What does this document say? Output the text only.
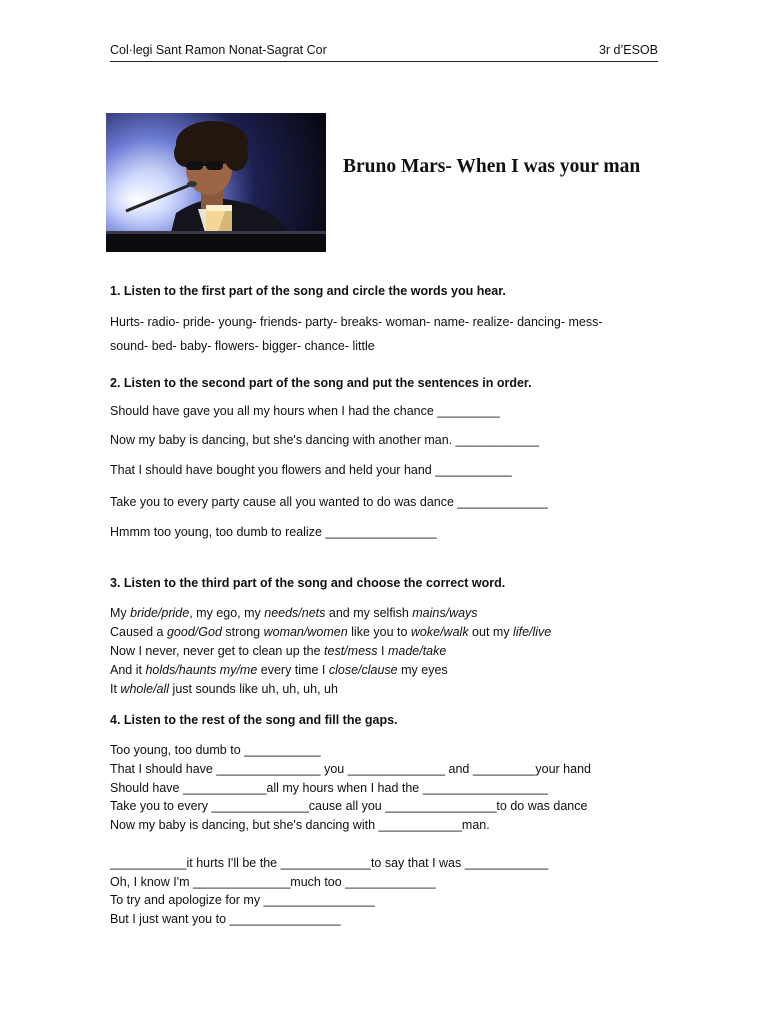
Col·legi Sant Ramon Nonat-Sagrat Cor	3r d’ESOB
Bruno Mars- When I was your man
1. Listen to the first part of the song and circle the words you hear.
Hurts- radio- pride- young- friends- party- breaks- woman- name- realize- dancing- mess-
sound- bed- baby- flowers- bigger- chance- little
2. Listen to the second part of the song and put the sentences in order.
Should have gave you all my hours when I had the chance _________
Now my baby is dancing, but she's dancing with another man. ____________
That I should have bought you flowers and held your hand ___________
Take you to every party cause all you wanted to do was dance _____________
Hmmm too young, too dumb to realize ________________
3. Listen to the third part of the song and choose the correct word.
My bride/pride, my ego, my needs/nets and my selfish mains/ways
Caused a good/God strong woman/women like you to woke/walk out my life/live
Now I never, never get to clean up the test/mess I made/take
And it holds/haunts my/me every time I close/clause my eyes
It whole/all just sounds like uh, uh, uh, uh
4. Listen to the rest of the song and fill the gaps.
Too young, too dumb to ___________
That I should have _______________ you ______________ and _________your hand
Should have ____________all my hours when I had the __________________
Take you to every ______________cause all you ________________to do was dance
Now my baby is dancing, but she's dancing with ____________man.
___________it hurts I'll be the _____________to say that I was ____________
Oh, I know I'm ______________much too _____________
To try and apologize for my ________________
But I just want you to ________________
